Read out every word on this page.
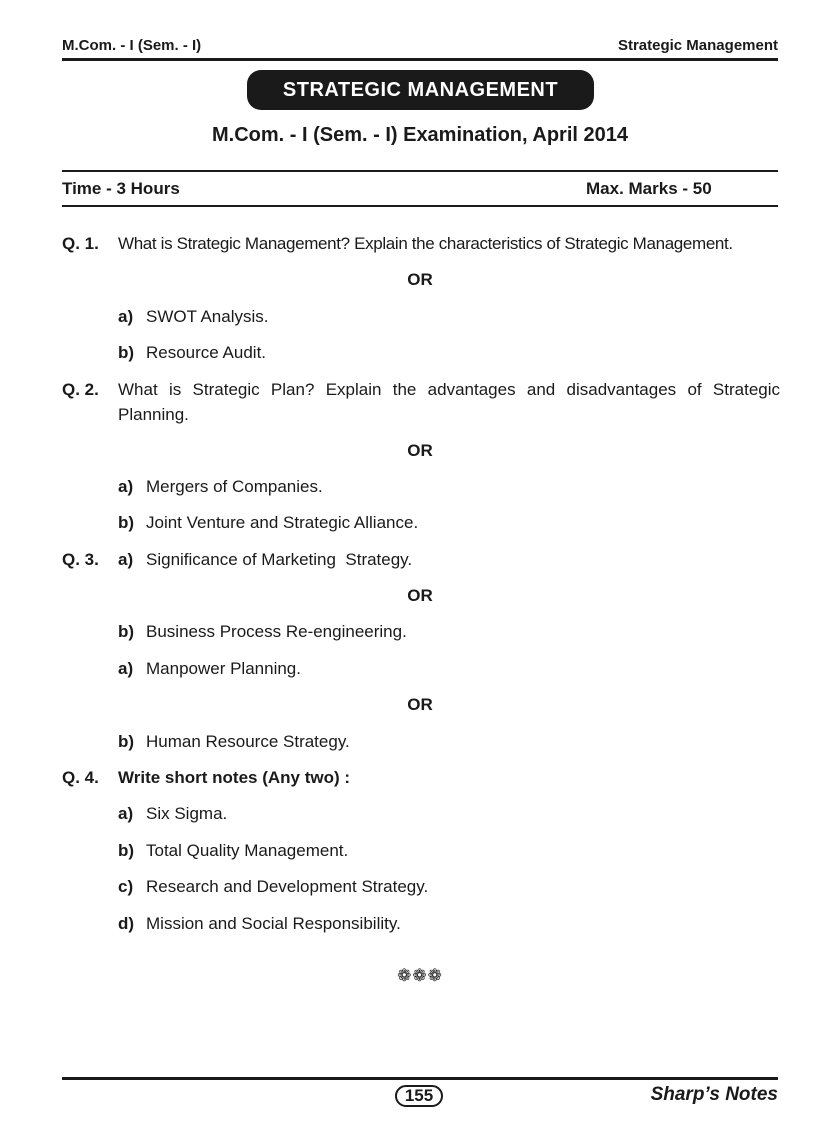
M.Com. - I (Sem. - I)	Strategic Management
STRATEGIC MANAGEMENT
M.Com. - I (Sem. - I) Examination, April 2014
Time - 3 Hours	Max. Marks - 50
Q. 1. What is Strategic Management? Explain the characteristics of Strategic Management.
OR
a) SWOT Analysis.
b) Resource Audit.
Q. 2. What is Strategic Plan? Explain the advantages and disadvantages of Strategic Planning.
OR
a) Mergers of Companies.
b) Joint Venture and Strategic Alliance.
Q. 3. a) Significance of Marketing  Strategy.
OR
b) Business Process Re-engineering.
a) Manpower Planning.
OR
b) Human Resource Strategy.
Q. 4. Write short notes (Any two) :
a) Six Sigma.
b) Total Quality Management.
c) Research and Development Strategy.
d) Mission and Social Responsibility.
❁❁❁
155	Sharp’s Notes
